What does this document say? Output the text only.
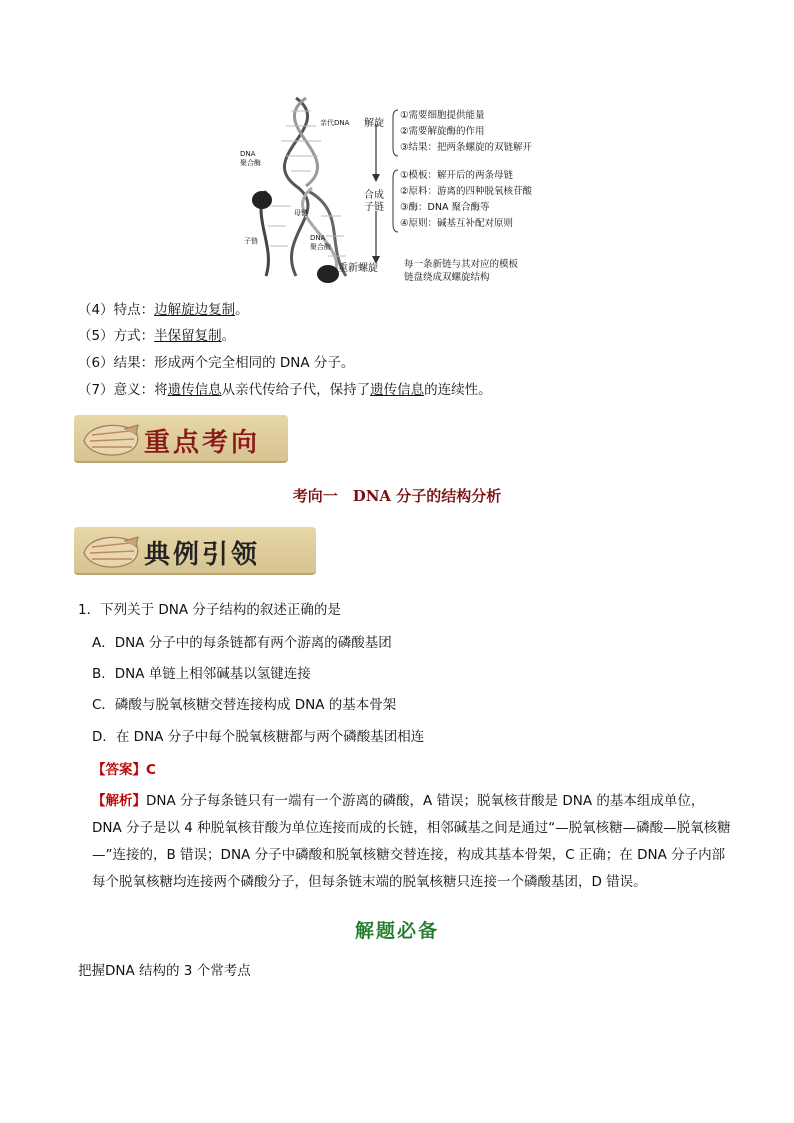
亲代DNA
DNA
聚合酶
母链
子链	DNA
聚合酶
解旋
合成
子链
重新螺旋
①需要细胞提供能量
②需要解旋酶的作用
③结果：把两条螺旋的双链解开
①模板：解开后的两条母链
②原料：游离的四种脱氧核苷酸
③酶：DNA 聚合酶等
④原则：碱基互补配对原则
每一条新链与其对应的模板
链盘绕成双螺旋结构
（4）特点：边解旋边复制。
（5）方式：半保留复制。
（6）结果：形成两个完全相同的 DNA 分子。
（7）意义：将遗传信息从亲代传给子代，保持了遗传信息的连续性。
重点考向
考向一　DNA 分子的结构分析
典例引领
1．下列关于 DNA 分子结构的叙述正确的是
A．DNA 分子中的每条链都有两个游离的磷酸基团
B．DNA 单链上相邻碱基以氢键连接
C．磷酸与脱氧核糖交替连接构成 DNA 的基本骨架
D．在 DNA 分子中每个脱氧核糖都与两个磷酸基团相连
【答案】C
【解析】DNA 分子每条链只有一端有一个游离的磷酸，A 错误；脱氧核苷酸是 DNA 的基本组成单位，DNA 分子是以 4 种脱氧核苷酸为单位连接而成的长链，相邻碱基之间是通过“—脱氧核糖—磷酸—脱氧核糖—”连接的，B 错误；DNA 分子中磷酸和脱氧核糖交替连接，构成其基本骨架，C 正确；在 DNA 分子内部每个脱氧核糖均连接两个磷酸分子，但每条链末端的脱氧核糖只连接一个磷酸基团，D 错误。
解题必备
把握DNA 结构的 3 个常考点
